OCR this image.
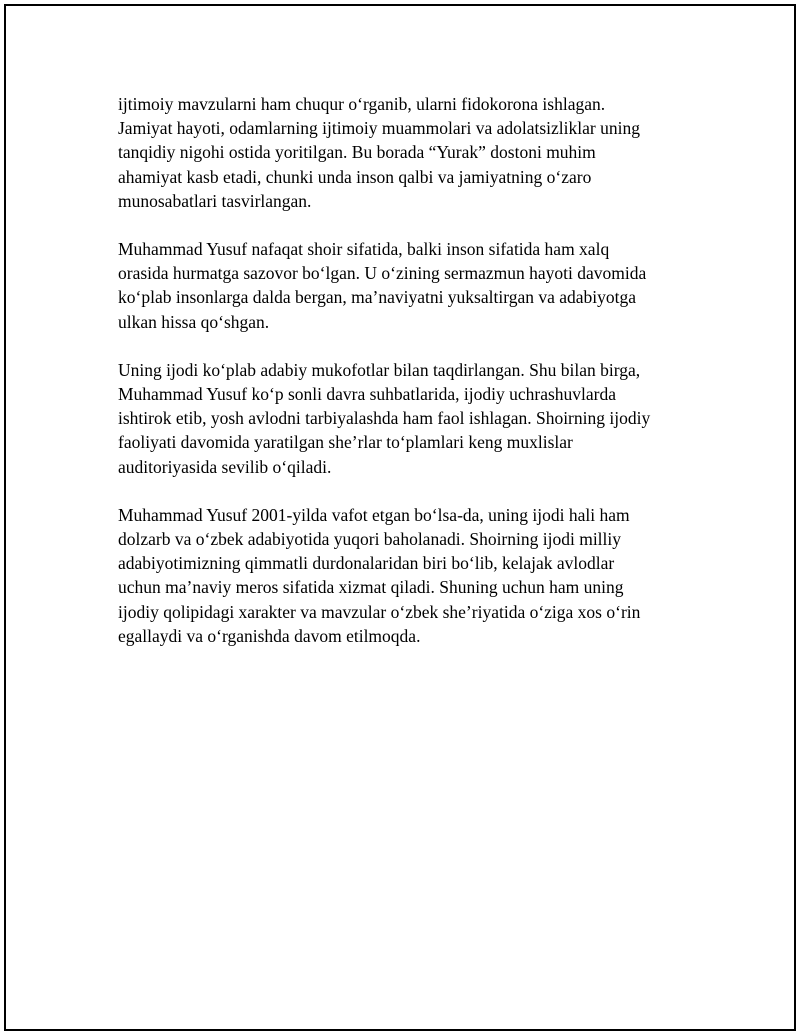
ijtimoiy mavzularni ham chuqur o‘rganib, ularni fidokorona ishlagan.
Jamiyat hayoti, odamlarning ijtimoiy muammolari va adolatsizliklar uning
tanqidiy nigohi ostida yoritilgan. Bu borada “Yurak” dostoni muhim
ahamiyat kasb etadi, chunki unda inson qalbi va jamiyatning o‘zaro
munosabatlari tasvirlangan.

Muhammad Yusuf nafaqat shoir sifatida, balki inson sifatida ham xalq
orasida hurmatga sazovor bo‘lgan. U o‘zining sermazmun hayoti davomida
ko‘plab insonlarga dalda bergan, ma’naviyatni yuksaltirgan va adabiyotga
ulkan hissa qo‘shgan.

Uning ijodi ko‘plab adabiy mukofotlar bilan taqdirlangan. Shu bilan birga,
Muhammad Yusuf ko‘p sonli davra suhbatlarida, ijodiy uchrashuvlarda
ishtirok etib, yosh avlodni tarbiyalashda ham faol ishlagan. Shoirning ijodiy
faoliyati davomida yaratilgan she’rlar to‘plamlari keng muxlislar
auditoriyasida sevilib o‘qiladi.

Muhammad Yusuf 2001-yilda vafot etgan bo‘lsa-da, uning ijodi hali ham
dolzarb va o‘zbek adabiyotida yuqori baholanadi. Shoirning ijodi milliy
adabiyotimizning qimmatli durdonalaridan biri bo‘lib, kelajak avlodlar
uchun ma’naviy meros sifatida xizmat qiladi. Shuning uchun ham uning
ijodiy qolipidagi xarakter va mavzular o‘zbek she’riyatida o‘ziga xos o‘rin
egallaydi va o‘rganishda davom etilmoqda.
